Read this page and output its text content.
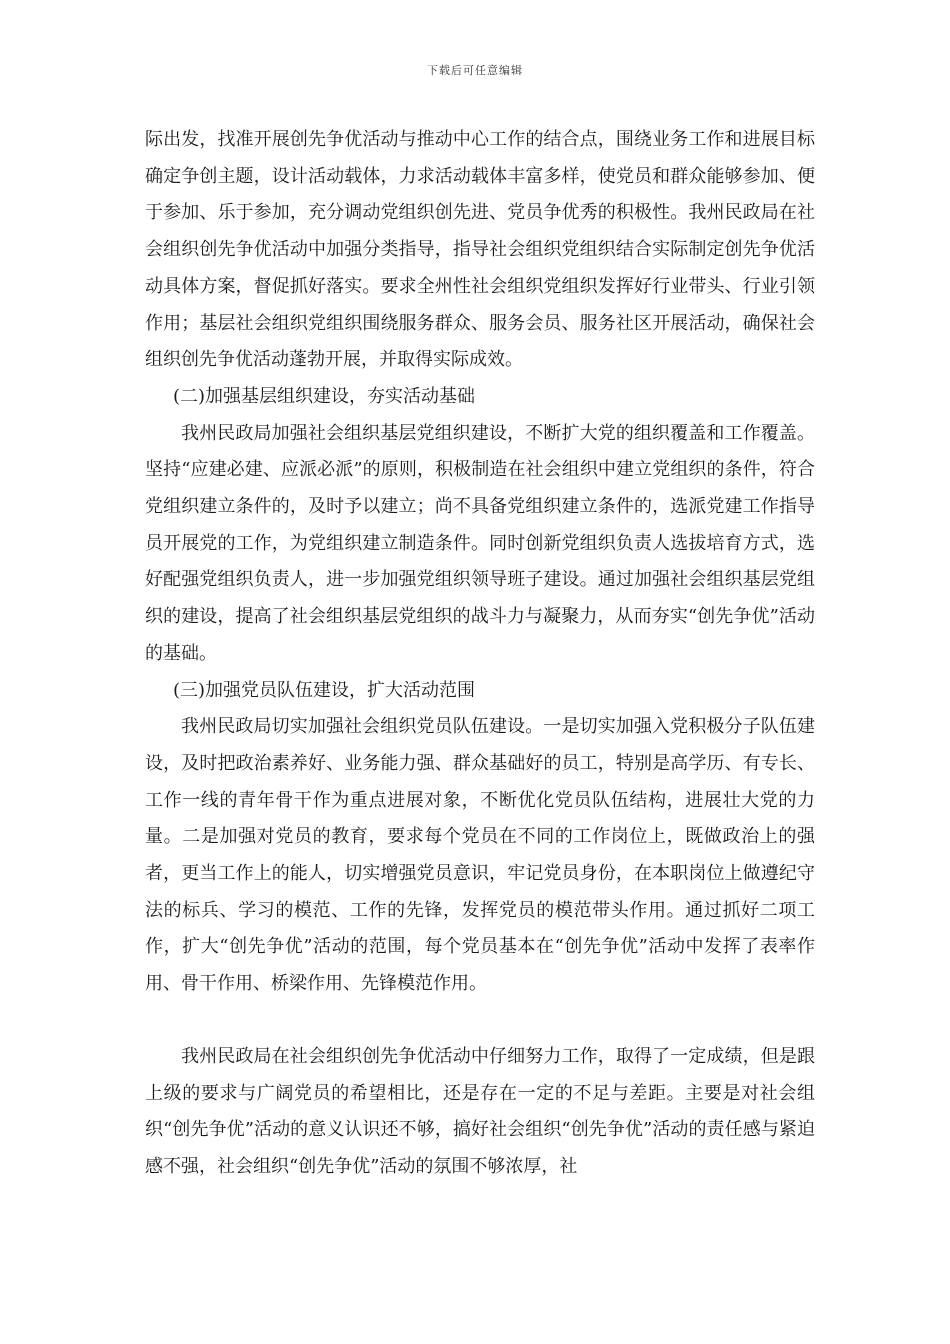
下载后可任意编辑

际出发，找准开展创先争优活动与推动中心工作的结合点，围绕业务工作和进展目标确定争创主题，设计活动载体，力求活动载体丰富多样，使党员和群众能够参加、便于参加、乐于参加，充分调动党组织创先进、党员争优秀的积极性。我州民政局在社会组织创先争优活动中加强分类指导，指导社会组织党组织结合实际制定创先争优活动具体方案，督促抓好落实。要求全州性社会组织党组织发挥好行业带头、行业引领作用；基层社会组织党组织围绕服务群众、服务会员、服务社区开展活动，确保社会组织创先争优活动蓬勃开展，并取得实际成效。

(二)加强基层组织建设，夯实活动基础

我州民政局加强社会组织基层党组织建设，不断扩大党的组织覆盖和工作覆盖。坚持“应建必建、应派必派”的原则，积极制造在社会组织中建立党组织的条件，符合党组织建立条件的，及时予以建立；尚不具备党组织建立条件的，选派党建工作指导员开展党的工作，为党组织建立制造条件。同时创新党组织负责人选拔培育方式，选好配强党组织负责人，进一步加强党组织领导班子建设。通过加强社会组织基层党组织的建设，提高了社会组织基层党组织的战斗力与凝聚力，从而夯实“创先争优”活动的基础。

(三)加强党员队伍建设，扩大活动范围

我州民政局切实加强社会组织党员队伍建设。一是切实加强入党积极分子队伍建设，及时把政治素养好、业务能力强、群众基础好的员工，特别是高学历、有专长、工作一线的青年骨干作为重点进展对象，不断优化党员队伍结构，进展壮大党的力量。二是加强对党员的教育，要求每个党员在不同的工作岗位上，既做政治上的强者，更当工作上的能人，切实增强党员意识，牢记党员身份，在本职岗位上做遵纪守法的标兵、学习的模范、工作的先锋，发挥党员的模范带头作用。通过抓好二项工作，扩大“创先争优”活动的范围，每个党员基本在“创先争优”活动中发挥了表率作用、骨干作用、桥梁作用、先锋模范作用。

我州民政局在社会组织创先争优活动中仔细努力工作，取得了一定成绩，但是跟上级的要求与广阔党员的希望相比，还是存在一定的不足与差距。主要是对社会组织“创先争优”活动的意义认识还不够，搞好社会组织“创先争优”活动的责任感与紧迫感不强，社会组织“创先争优”活动的氛围不够浓厚，社
